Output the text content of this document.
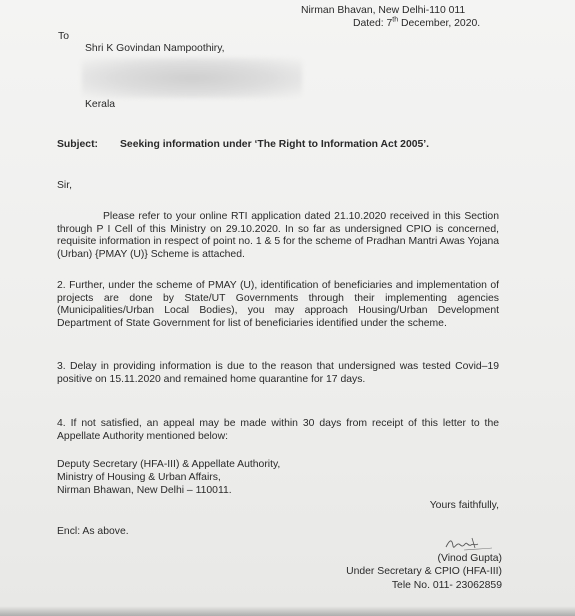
Nirman Bhavan, New Delhi-110 011
Dated: 7th December, 2020.
To
Shri K Govindan Nampoothiry,
Kerala
Subject: Seeking information under ‘The Right to Information Act 2005’.
Sir,
Please refer to your online RTI application dated 21.10.2020 received in this Section through P I Cell of this Ministry on 29.10.2020. In so far as undersigned CPIO is concerned, requisite information in respect of point no. 1 & 5 for the scheme of Pradhan Mantri Awas Yojana (Urban) {PMAY (U)} Scheme is attached.
2. Further, under the scheme of PMAY (U), identification of beneficiaries and implementation of projects are done by State/UT Governments through their implementing agencies (Municipalities/Urban Local Bodies), you may approach Housing/Urban Development Department of State Government for list of beneficiaries identified under the scheme.
3. Delay in providing information is due to the reason that undersigned was tested Covid–19 positive on 15.11.2020 and remained home quarantine for 17 days.
4. If not satisfied, an appeal may be made within 30 days from receipt of this letter to the Appellate Authority mentioned below:
Deputy Secretary (HFA-III) & Appellate Authority,
Ministry of Housing & Urban Affairs,
Nirman Bhawan, New Delhi – 110011.
Yours faithfully,
Encl: As above.
(Vinod Gupta)
Under Secretary & CPIO (HFA-III)
Tele No. 011- 23062859
